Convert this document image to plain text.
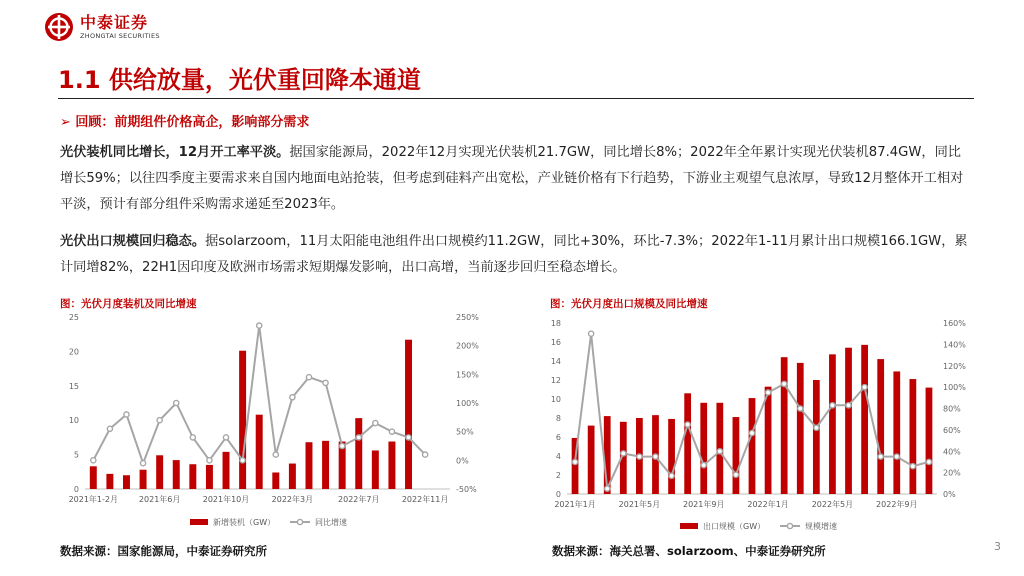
中泰证券
ZHONGTAI SECURITIES
1.1 供给放量，光伏重回降本通道
➢ 回顾：前期组件价格高企，影响部分需求
光伏装机同比增长，12月开工率平淡。据国家能源局，2022年12月实现光伏装机21.7GW，同比增长8%；2022年全年累计实现光伏装机87.4GW，同比增长59%；以往四季度主要需求来自国内地面电站抢装，但考虑到硅料产出宽松，产业链价格有下行趋势，下游业主观望气息浓厚，导致12月整体开工相对平淡，预计有部分组件采购需求递延至2023年。
光伏出口规模回归稳态。据solarzoom，11月太阳能电池组件出口规模约11.2GW，同比+30%，环比-7.3%；2022年1-11月累计出口规模166.1GW，累计同增82%，22H1因印度及欧洲市场需求短期爆发影响，出口高增，当前逐步回归至稳态增长。
图：光伏月度装机及同比增速	图：光伏月度出口规模及同比增速
0
5
10
15
20
25
-50%
0%
50%
100%
150%
200%
250%
2021年1-2月	2021年6月	2021年10月	2022年3月	2022年7月	2022年11月
新增装机（GW）	同比增速
0
2
4
6
8
10
12
14
16
18
0%
20%
40%
60%
80%
100%
120%
140%
160%
2021年1月	2021年5月	2021年9月	2022年1月	2022年5月	2022年9月
出口规模（GW）	规模增速
数据来源：国家能源局，中泰证券研究所	数据来源：海关总署、solarzoom、中泰证券研究所	3
